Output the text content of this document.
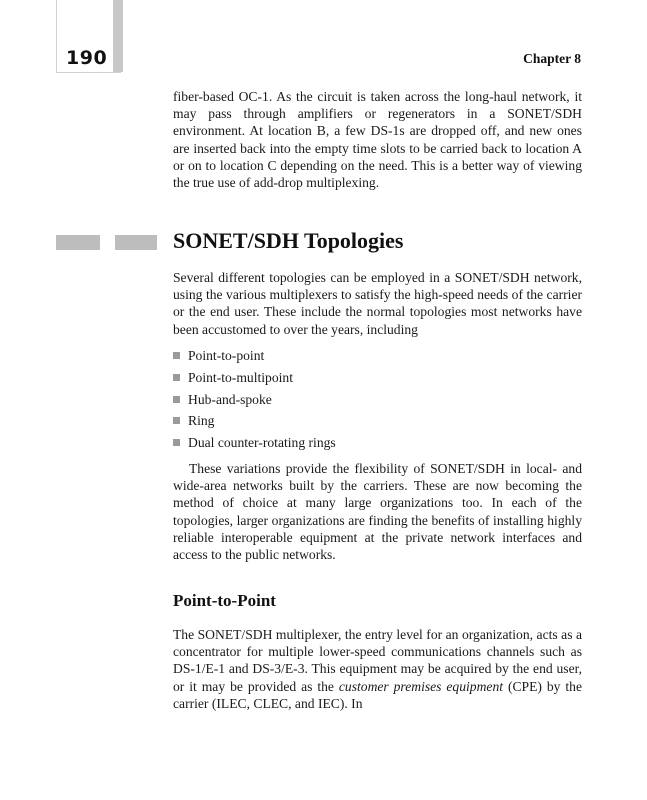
190	Chapter 8

fiber-based OC-1. As the circuit is taken across the long-haul network, it may pass through amplifiers or regenerators in a SONET/SDH environment. At location B, a few DS-1s are dropped off, and new ones are inserted back into the empty time slots to be carried back to location A or on to location C depending on the need. This is a better way of viewing the true use of add-drop multiplexing.

SONET/SDH Topologies

Several different topologies can be employed in a SONET/SDH network, using the various multiplexers to satisfy the high-speed needs of the carrier or the end user. These include the normal topologies most networks have been accustomed to over the years, including

Point-to-point
Point-to-multipoint
Hub-and-spoke
Ring
Dual counter-rotating rings

These variations provide the flexibility of SONET/SDH in local- and wide-area networks built by the carriers. These are now becoming the method of choice at many large organizations too. In each of the topologies, larger organizations are finding the benefits of installing highly reliable interoperable equipment at the private network interfaces and access to the public networks.

Point-to-Point

The SONET/SDH multiplexer, the entry level for an organization, acts as a concentrator for multiple lower-speed communications channels such as DS-1/E-1 and DS-3/E-3. This equipment may be acquired by the end user, or it may be provided as the customer premises equipment (CPE) by the carrier (ILEC, CLEC, and IEC). In
